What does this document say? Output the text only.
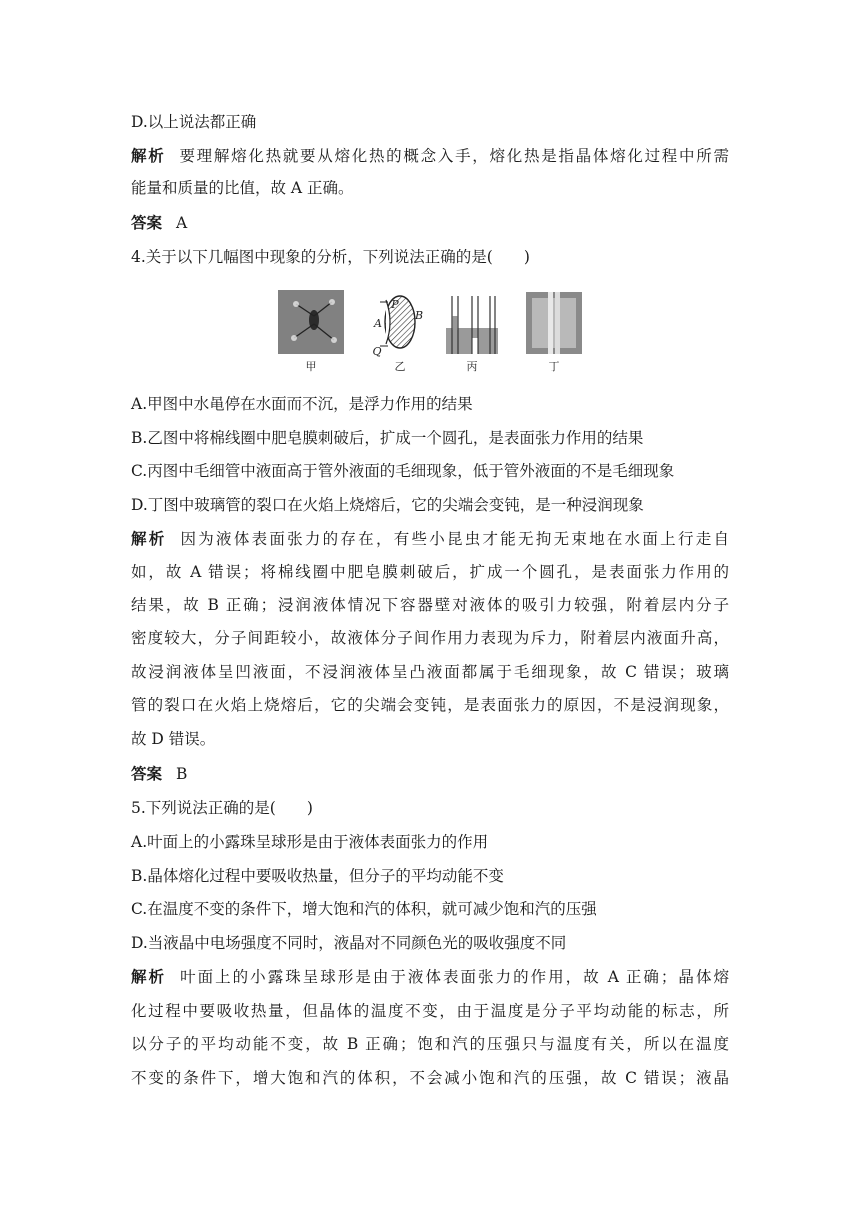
D.以上说法都正确
解析 要理解熔化热就要从熔化热的概念入手，熔化热是指晶体熔化过程中所需
能量和质量的比值，故 A 正确。
答案 A
4.关于以下几幅图中现象的分析，下列说法正确的是(　　)
P
A
B
Q
甲	乙	丙	丁
A.甲图中水黾停在水面而不沉，是浮力作用的结果
B.乙图中将棉线圈中肥皂膜刺破后，扩成一个圆孔，是表面张力作用的结果
C.丙图中毛细管中液面高于管外液面的毛细现象，低于管外液面的不是毛细现象
D.丁图中玻璃管的裂口在火焰上烧熔后，它的尖端会变钝，是一种浸润现象
解析 因为液体表面张力的存在，有些小昆虫才能无拘无束地在水面上行走自
如，故 A 错误；将棉线圈中肥皂膜刺破后，扩成一个圆孔，是表面张力作用的
结果，故 B 正确；浸润液体情况下容器壁对液体的吸引力较强，附着层内分子
密度较大，分子间距较小，故液体分子间作用力表现为斥力，附着层内液面升高，
故浸润液体呈凹液面，不浸润液体呈凸液面都属于毛细现象，故 C 错误；玻璃
管的裂口在火焰上烧熔后，它的尖端会变钝，是表面张力的原因，不是浸润现象，
故 D 错误。
答案 B
5.下列说法正确的是(　　)
A.叶面上的小露珠呈球形是由于液体表面张力的作用
B.晶体熔化过程中要吸收热量，但分子的平均动能不变
C.在温度不变的条件下，增大饱和汽的体积，就可减少饱和汽的压强
D.当液晶中电场强度不同时，液晶对不同颜色光的吸收强度不同
解析 叶面上的小露珠呈球形是由于液体表面张力的作用，故 A 正确；晶体熔
化过程中要吸收热量，但晶体的温度不变，由于温度是分子平均动能的标志，所
以分子的平均动能不变，故 B 正确；饱和汽的压强只与温度有关，所以在温度
不变的条件下，增大饱和汽的体积，不会减小饱和汽的压强，故 C 错误；液晶
